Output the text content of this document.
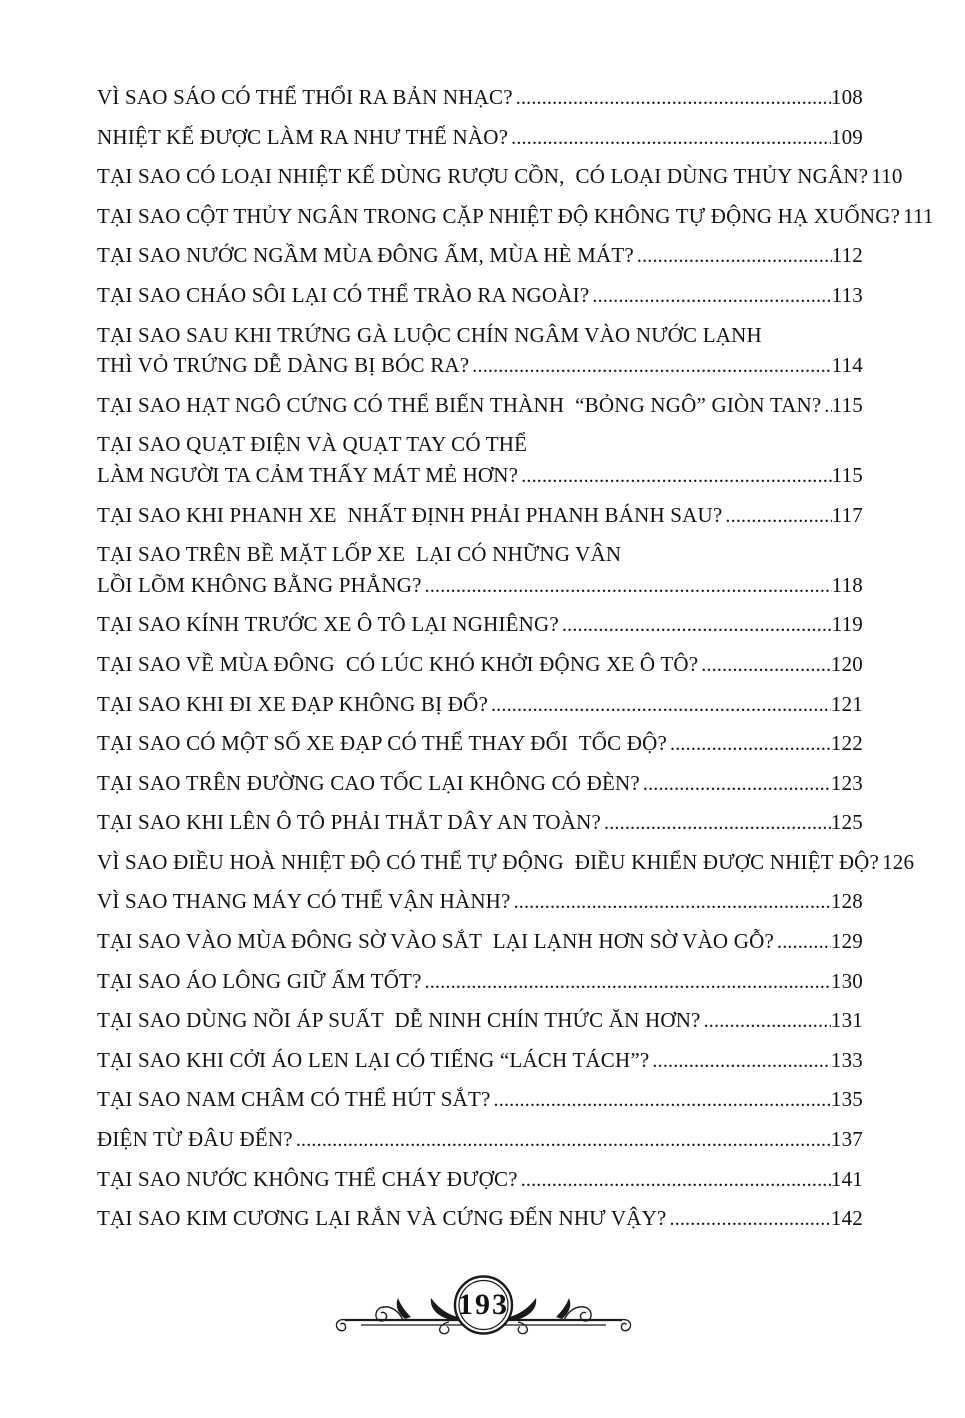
VÌ SAO SÁO CÓ THỂ THỔI RA BẢN NHẠC? .....	108
NHIỆT KẾ ĐƯỢC LÀM RA NHƯ THẾ NÀO? .....	109
TẠI SAO CÓ LOẠI NHIỆT KẾ DÙNG RƯỢU CỒN,  CÓ LOẠI DÙNG THỦY NGÂN? 110
TẠI SAO CỘT THỦY NGÂN TRONG CẶP NHIỆT ĐỘ KHÔNG TỰ ĐỘNG HẠ XUỐNG? 111
TẠI SAO NƯỚC NGẦM MÙA ĐÔNG ẤM, MÙA HÈ MÁT? .....	112
TẠI SAO CHÁO SÔI LẠI CÓ THỂ TRÀO RA NGOÀI? .....	113
TẠI SAO SAU KHI TRỨNG GÀ LUỘC CHÍN NGÂM VÀO NƯỚC LẠNH
THÌ VỎ TRỨNG DỄ DÀNG BỊ BÓC RA? .....	114
TẠI SAO HẠT NGÔ CỨNG CÓ THỂ BIẾN THÀNH  “BỎNG NGÔ” GIÒN TAN? ..... 115
TẠI SAO QUẠT ĐIỆN VÀ QUẠT TAY CÓ THỂ
LÀM NGƯỜI TA CẢM THẤY MÁT MẺ HƠN? .....	115
TẠI SAO KHI PHANH XE  NHẤT ĐỊNH PHẢI PHANH BÁNH SAU? .....	117
TẠI SAO TRÊN BỀ MẶT LỐP XE  LẠI CÓ NHỮNG VÂN
LỒI LÕM KHÔNG BẰNG PHẲNG? .....	118
TẠI SAO KÍNH TRƯỚC XE Ô TÔ LẠI NGHIÊNG? .....	119
TẠI SAO VỀ MÙA ĐÔNG  CÓ LÚC KHÓ KHỞI ĐỘNG XE Ô TÔ? .....	120
TẠI SAO KHI ĐI XE ĐẠP KHÔNG BỊ ĐỔ? .....	121
TẠI SAO CÓ MỘT SỐ XE ĐẠP CÓ THỂ THAY ĐỔI  TỐC ĐỘ? .....	122
TẠI SAO TRÊN ĐƯỜNG CAO TỐC LẠI KHÔNG CÓ ĐÈN? .....	123
TẠI SAO KHI LÊN Ô TÔ PHẢI THẮT DÂY AN TOÀN? .....	125
VÌ SAO ĐIỀU HOÀ NHIỆT ĐỘ CÓ THỂ TỰ ĐỘNG  ĐIỀU KHIỂN ĐƯỢC NHIỆT ĐỘ? 126
VÌ SAO THANG MÁY CÓ THỂ VẬN HÀNH? .....	128
TẠI SAO VÀO MÙA ĐÔNG SỜ VÀO SẮT  LẠI LẠNH HƠN SỜ VÀO GỖ? .....	129
TẠI SAO ÁO LÔNG GIỮ ẤM TỐT? .....	130
TẠI SAO DÙNG NỒI ÁP SUẤT  DỄ NINH CHÍN THỨC ĂN HƠN? .....	131
TẠI SAO KHI CỞI ÁO LEN LẠI CÓ TIẾNG “LÁCH TÁCH”? .....	133
TẠI SAO NAM CHÂM CÓ THỂ HÚT SẮT? .....	135
ĐIỆN TỪ ĐÂU ĐẾN? .....	137
TẠI SAO NƯỚC KHÔNG THỂ CHÁY ĐƯỢC? .....	141
TẠI SAO KIM CƯƠNG LẠI RẮN VÀ CỨNG ĐẾN NHƯ VẬY? .....	142
193
